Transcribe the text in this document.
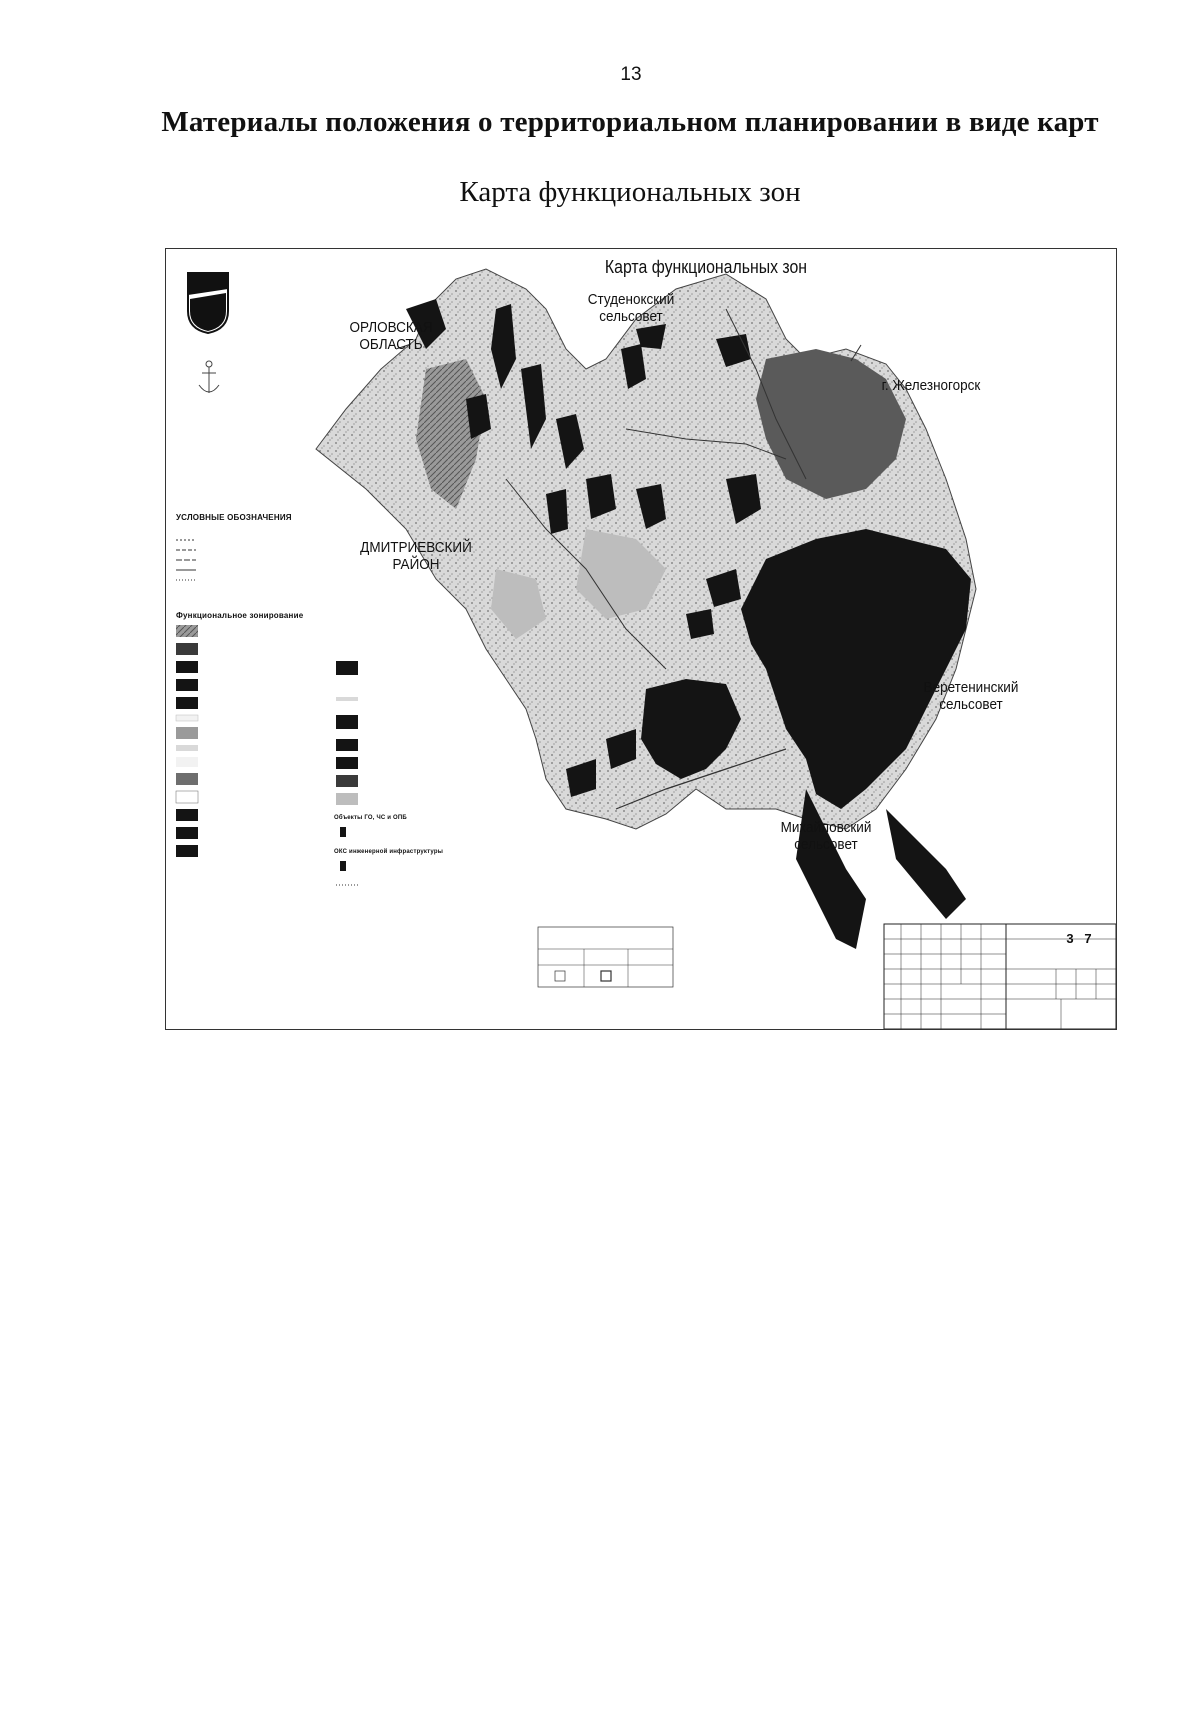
13
Материалы положения о территориальном планировании в виде карт
Карта функциональных зон
Карта функциональных зон
ОРЛОВСКАЯ
ОБЛАСТЬ
Студенокский
сельсовет
г. Железногорск
ДМИТРИЕВСКИЙ
РАЙОН
Веретенинский
сельсовет
Михайловский
сельсовет
УСЛОВНЫЕ ОБОЗНАЧЕНИЯ
Функциональное зонирование
Объекты ГО, ЧС и ОПБ
ОКС инженерной инфраструктуры
3 7
